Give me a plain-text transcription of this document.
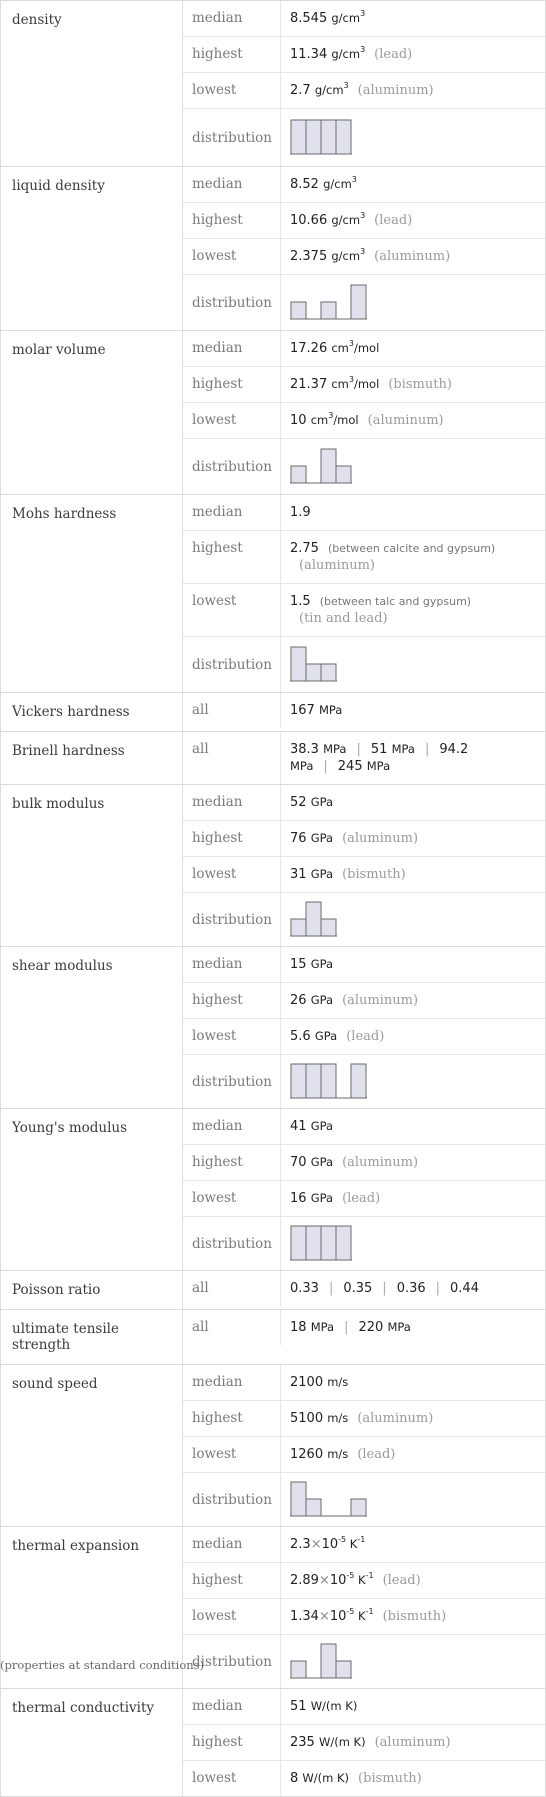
density	median	8.545 $g/cm^3$
highest	11.34 $g/cm^3$ (lead)
lowest	2.7 $g/cm^3$ (aluminum)
distribution
liquid density	median	8.52 $g/cm^3$
highest	10.66 $g/cm^3$ (lead)
lowest	2.375 $g/cm^3$ (aluminum)
distribution
molar volume	median	17.26 $cm^3$/mol
highest	21.37 $cm^3$/mol (bismuth)
lowest	10 $cm^3$/mol (aluminum)
distribution
Mohs hardness	median	1.9
highest	2.75 (between calcite and gypsum)
(aluminum)
lowest	1.5 (between talc and gypsum)
(tin and lead)
distribution
Vickers hardness	all	167 MPa
Brinell hardness	all	38.3 MPa | 51 MPa | 94.2 MPa | 245 MPa
bulk modulus	median	52 GPa
highest	76 GPa (aluminum)
lowest	31 GPa (bismuth)
distribution
shear modulus	median	15 GPa
highest	26 GPa (aluminum)
lowest	5.6 GPa (lead)
distribution
Young's modulus	median	41 GPa
highest	70 GPa (aluminum)
lowest	16 GPa (lead)
distribution
Poisson ratio	all	0.33 | 0.35 | 0.36 | 0.44
ultimate tensile strength
all	18 MPa | 220 MPa
sound speed	median	2100 m/s
highest	5100 m/s (aluminum)
lowest	1260 m/s (lead)
distribution
thermal expansion	median	$2.3\times 10^{-5}$ $K^{-1}$
highest	$2.89\times 10^{-5}$ $K^{-1}$ (lead)
lowest	$1.34\times 10^{-5}$ $K^{-1}$ (bismuth)
distribution
thermal conductivity	median	51 W/(m K)
highest	235 W/(m K) (aluminum)
lowest	8 W/(m K) (bismuth)
(properties at standard conditions)
